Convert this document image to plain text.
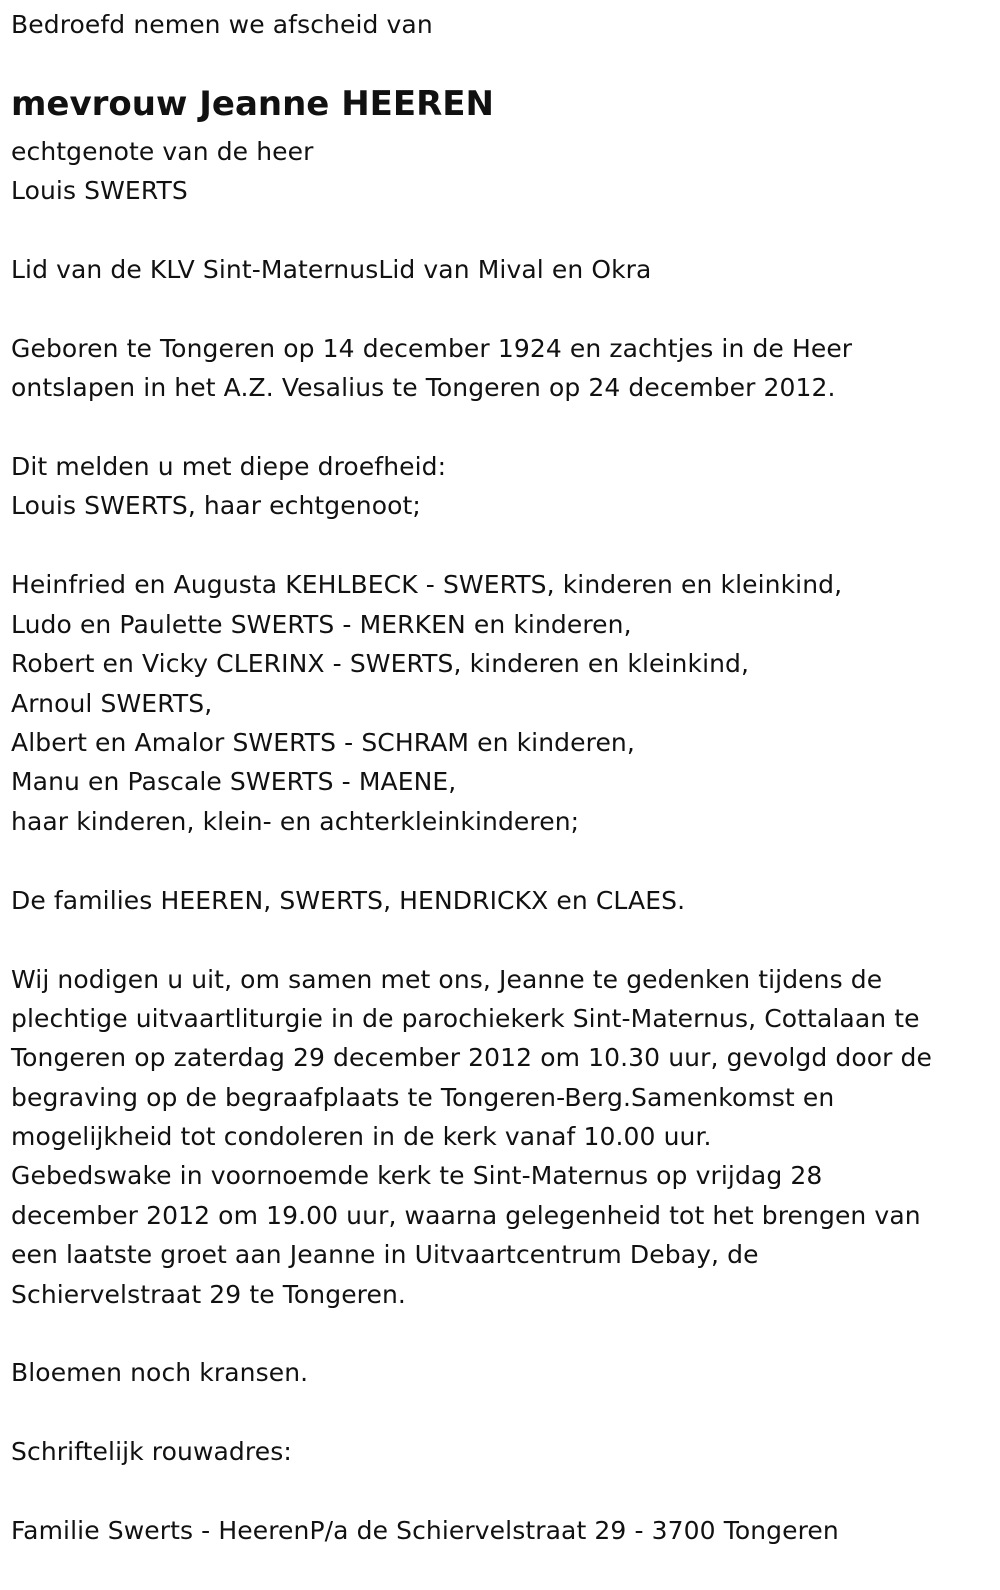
Bedroefd nemen we afscheid van
mevrouw Jeanne HEEREN
echtgenote van de heer
Louis SWERTS
Lid van de KLV Sint-MaternusLid van Mival en Okra
Geboren te Tongeren op 14 december 1924 en zachtjes in de Heer
ontslapen in het A.Z. Vesalius te Tongeren op 24 december 2012.
Dit melden u met diepe droefheid:
Louis SWERTS, haar echtgenoot;
Heinfried en Augusta KEHLBECK - SWERTS, kinderen en kleinkind,
Ludo en Paulette SWERTS - MERKEN en kinderen,
Robert en Vicky CLERINX - SWERTS, kinderen en kleinkind,
Arnoul SWERTS,
Albert en Amalor SWERTS - SCHRAM en kinderen,
Manu en Pascale SWERTS - MAENE,
haar kinderen, klein- en achterkleinkinderen;
De families HEEREN, SWERTS, HENDRICKX en CLAES.
Wij nodigen u uit, om samen met ons, Jeanne te gedenken tijdens de
plechtige uitvaartliturgie in de parochiekerk Sint-Maternus, Cottalaan te
Tongeren op zaterdag 29 december 2012 om 10.30 uur, gevolgd door de
begraving op de begraafplaats te Tongeren-Berg.Samenkomst en
mogelijkheid tot condoleren in de kerk vanaf 10.00 uur.
Gebedswake in voornoemde kerk te Sint-Maternus op vrijdag 28
december 2012 om 19.00 uur, waarna gelegenheid tot het brengen van
een laatste groet aan Jeanne in Uitvaartcentrum Debay, de
Schiervelstraat 29 te Tongeren.
Bloemen noch kransen.
Schriftelijk rouwadres:
Familie Swerts - HeerenP/a de Schiervelstraat 29 - 3700 Tongeren
